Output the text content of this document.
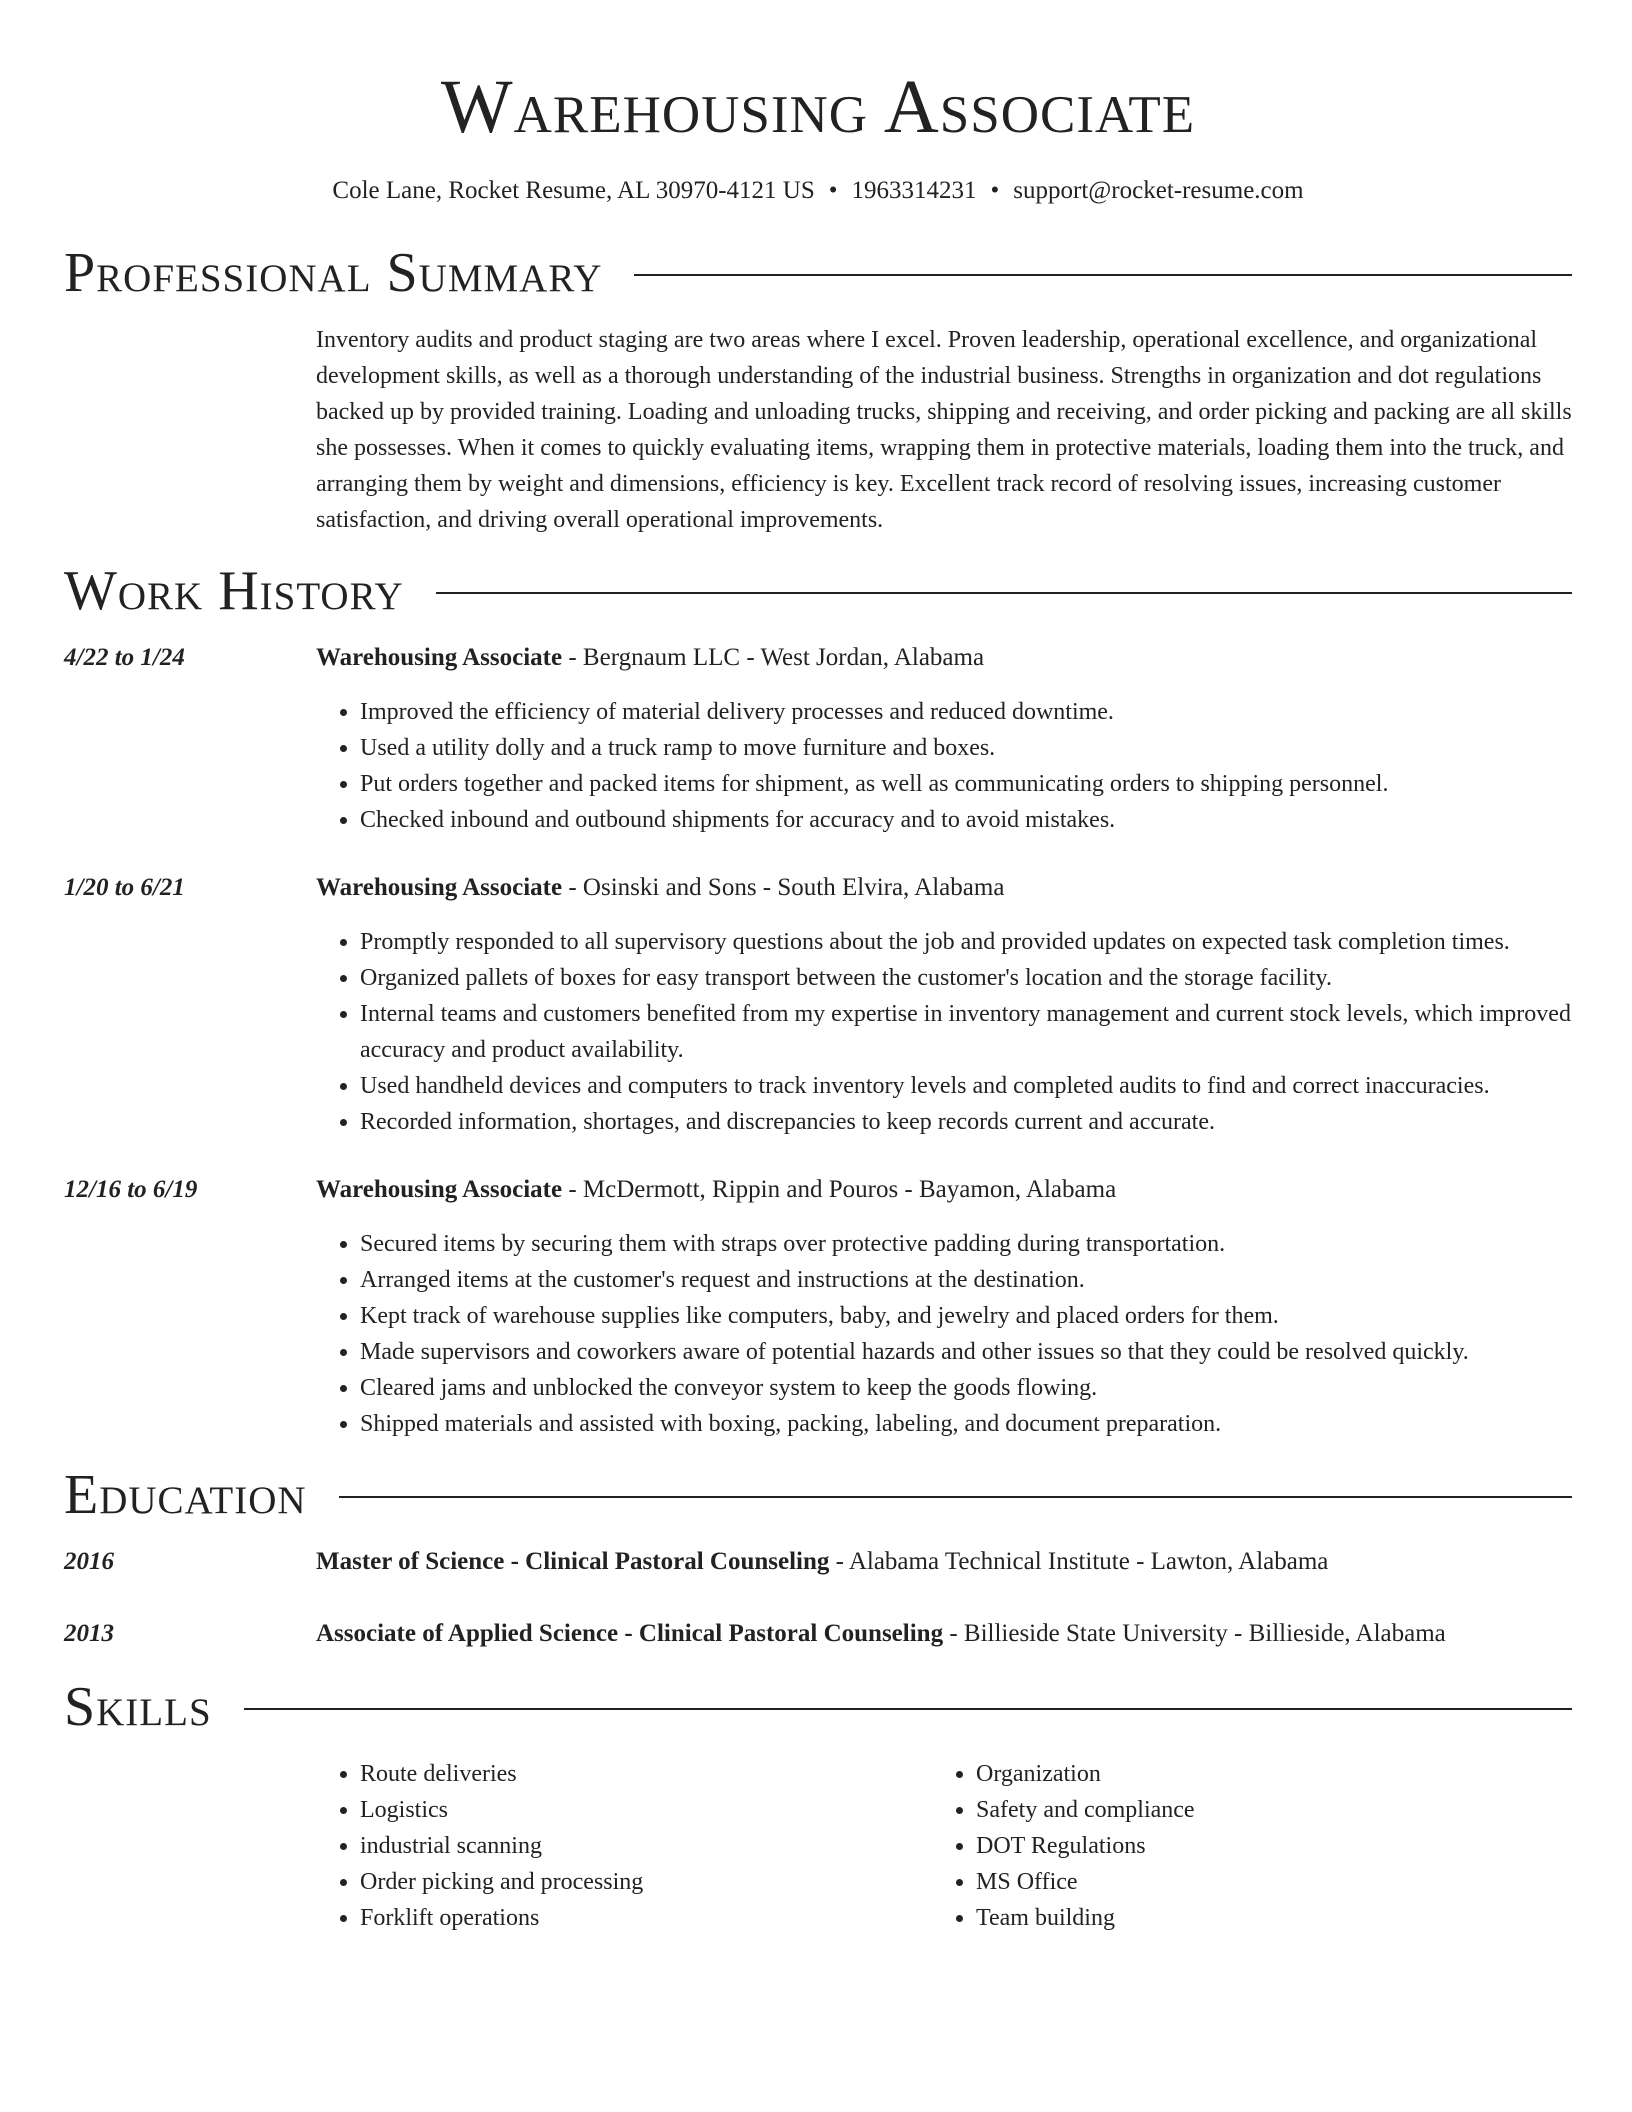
Warehousing Associate
Cole Lane, Rocket Resume, AL 30970-4121 US • 1963314231 • support@rocket-resume.com
Professional Summary
Inventory audits and product staging are two areas where I excel. Proven leadership, operational excellence, and organizational development skills, as well as a thorough understanding of the industrial business. Strengths in organization and dot regulations backed up by provided training. Loading and unloading trucks, shipping and receiving, and order picking and packing are all skills she possesses. When it comes to quickly evaluating items, wrapping them in protective materials, loading them into the truck, and arranging them by weight and dimensions, efficiency is key. Excellent track record of resolving issues, increasing customer satisfaction, and driving overall operational improvements.
Work History
4/22 to 1/24	Warehousing Associate - Bergnaum LLC - West Jordan, Alabama
• Improved the efficiency of material delivery processes and reduced downtime.
• Used a utility dolly and a truck ramp to move furniture and boxes.
• Put orders together and packed items for shipment, as well as communicating orders to shipping personnel.
• Checked inbound and outbound shipments for accuracy and to avoid mistakes.
1/20 to 6/21	Warehousing Associate - Osinski and Sons - South Elvira, Alabama
• Promptly responded to all supervisory questions about the job and provided updates on expected task completion times.
• Organized pallets of boxes for easy transport between the customer's location and the storage facility.
• Internal teams and customers benefited from my expertise in inventory management and current stock levels, which improved accuracy and product availability.
• Used handheld devices and computers to track inventory levels and completed audits to find and correct inaccuracies.
• Recorded information, shortages, and discrepancies to keep records current and accurate.
12/16 to 6/19	Warehousing Associate - McDermott, Rippin and Pouros - Bayamon, Alabama
• Secured items by securing them with straps over protective padding during transportation.
• Arranged items at the customer's request and instructions at the destination.
• Kept track of warehouse supplies like computers, baby, and jewelry and placed orders for them.
• Made supervisors and coworkers aware of potential hazards and other issues so that they could be resolved quickly.
• Cleared jams and unblocked the conveyor system to keep the goods flowing.
• Shipped materials and assisted with boxing, packing, labeling, and document preparation.
Education
2016	Master of Science - Clinical Pastoral Counseling - Alabama Technical Institute - Lawton, Alabama
2013	Associate of Applied Science - Clinical Pastoral Counseling - Billieside State University - Billieside, Alabama
Skills
• Route deliveries
• Logistics
• industrial scanning
• Order picking and processing
• Forklift operations
• Organization
• Safety and compliance
• DOT Regulations
• MS Office
• Team building
